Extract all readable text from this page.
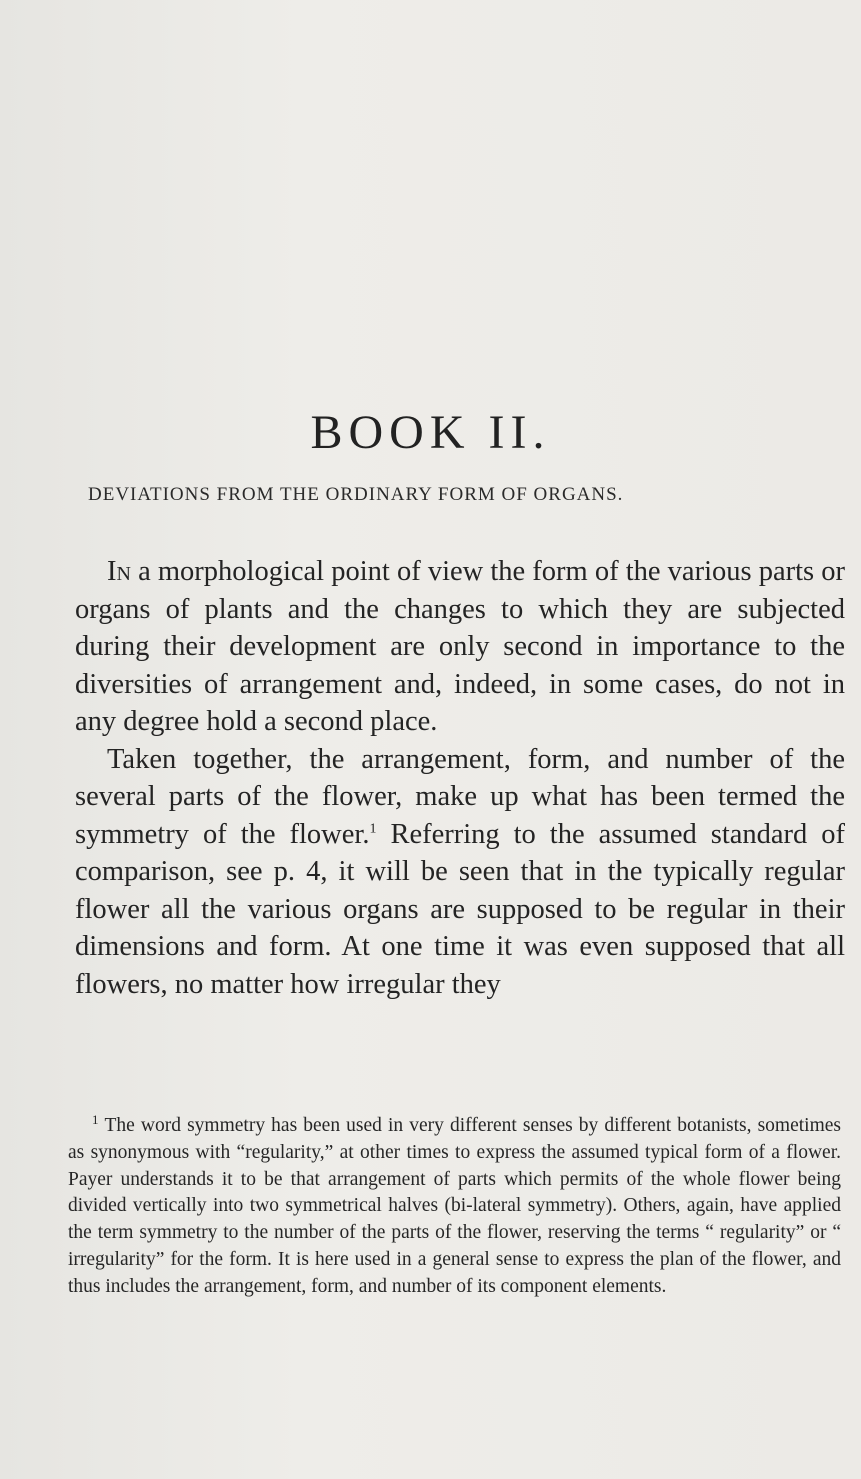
BOOK II.
DEVIATIONS FROM THE ORDINARY FORM OF ORGANS.

In a morphological point of view the form of the various parts or organs of plants and the changes to which they are subjected during their development are only second in importance to the diversities of arrangement and, indeed, in some cases, do not in any degree hold a second place.

Taken together, the arrangement, form, and number of the several parts of the flower, make up what has been termed the symmetry of the flower.$^1$ Referring to the assumed standard of comparison, see p. 4, it will be seen that in the typically regular flower all the various organs are supposed to be regular in their dimensions and form. At one time it was even supposed that all flowers, no matter how irregular they

$^1$ The word symmetry has been used in very different senses by different botanists, sometimes as synonymous with “regularity,” at other times to express the assumed typical form of a flower. Payer understands it to be that arrangement of parts which permits of the whole flower being divided vertically into two symmetrical halves (bi-lateral symmetry). Others, again, have applied the term symmetry to the number of the parts of the flower, reserving the terms “ regularity” or “ irregularity” for the form. It is here used in a general sense to express the plan of the flower, and thus includes the arrangement, form, and number of its component elements.
